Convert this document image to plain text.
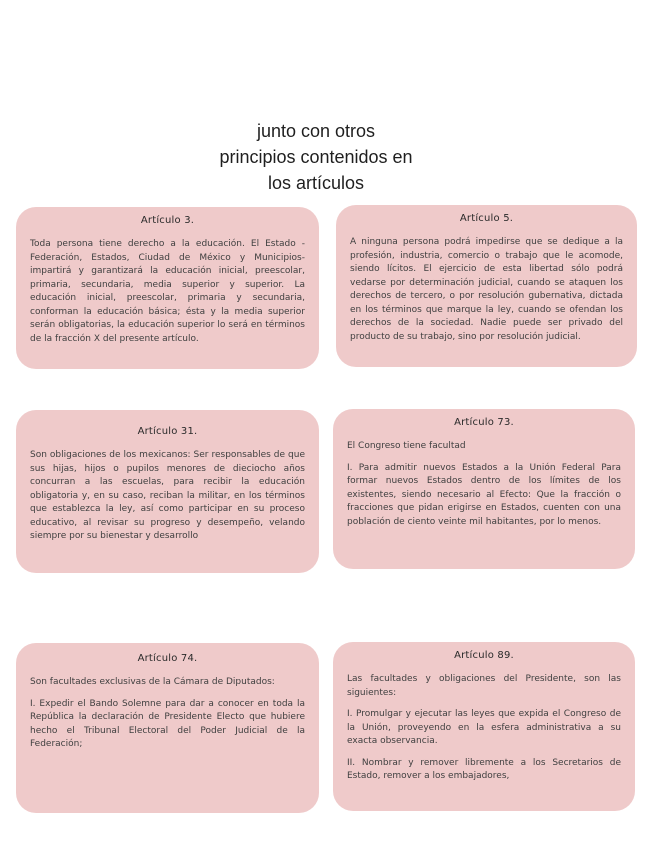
junto con otros
principios contenidos en
los artículos
Artículo 3.
Toda persona tiene derecho a la educación. El Estado -Federación, Estados, Ciudad de México y Municipios- impartirá y garantizará la educación inicial, preescolar, primaria, secundaria, media superior y superior. La educación inicial, preescolar, primaria y secundaria, conforman la educación básica; ésta y la media superior serán obligatorias, la educación superior lo será en términos de la fracción X del presente artículo.
Artículo 5.
A ninguna persona podrá impedirse que se dedique a la profesión, industria, comercio o trabajo que le acomode, siendo lícitos. El ejercicio de esta libertad sólo podrá vedarse por determinación judicial, cuando se ataquen los derechos de tercero, o por resolución gubernativa, dictada en los términos que marque la ley, cuando se ofendan los derechos de la sociedad. Nadie puede ser privado del producto de su trabajo, sino por resolución judicial.
Artículo 31.
Son obligaciones de los mexicanos: Ser responsables de que sus hijas, hijos o pupilos menores de dieciocho años concurran a las escuelas, para recibir la educación obligatoria y, en su caso, reciban la militar, en los términos que establezca la ley, así como participar en su proceso educativo, al revisar su progreso y desempeño, velando siempre por su bienestar y desarrollo
Artículo 73.
El Congreso tiene facultad
I. Para admitir nuevos Estados a la Unión Federal Para formar nuevos Estados dentro de los límites de los existentes, siendo necesario al Efecto: Que la fracción o fracciones que pidan erigirse en Estados, cuenten con una población de ciento veinte mil habitantes, por lo menos.
Artículo 74.
Son facultades exclusivas de la Cámara de Diputados:
I. Expedir el Bando Solemne para dar a conocer en toda la República la declaración de Presidente Electo que hubiere hecho el Tribunal Electoral del Poder Judicial de la Federación;
Artículo 89.
Las facultades y obligaciones del Presidente, son las siguientes:
I. Promulgar y ejecutar las leyes que expida el Congreso de la Unión, proveyendo en la esfera administrativa a su exacta observancia.
II. Nombrar y remover libremente a los Secretarios de Estado, remover a los embajadores,
